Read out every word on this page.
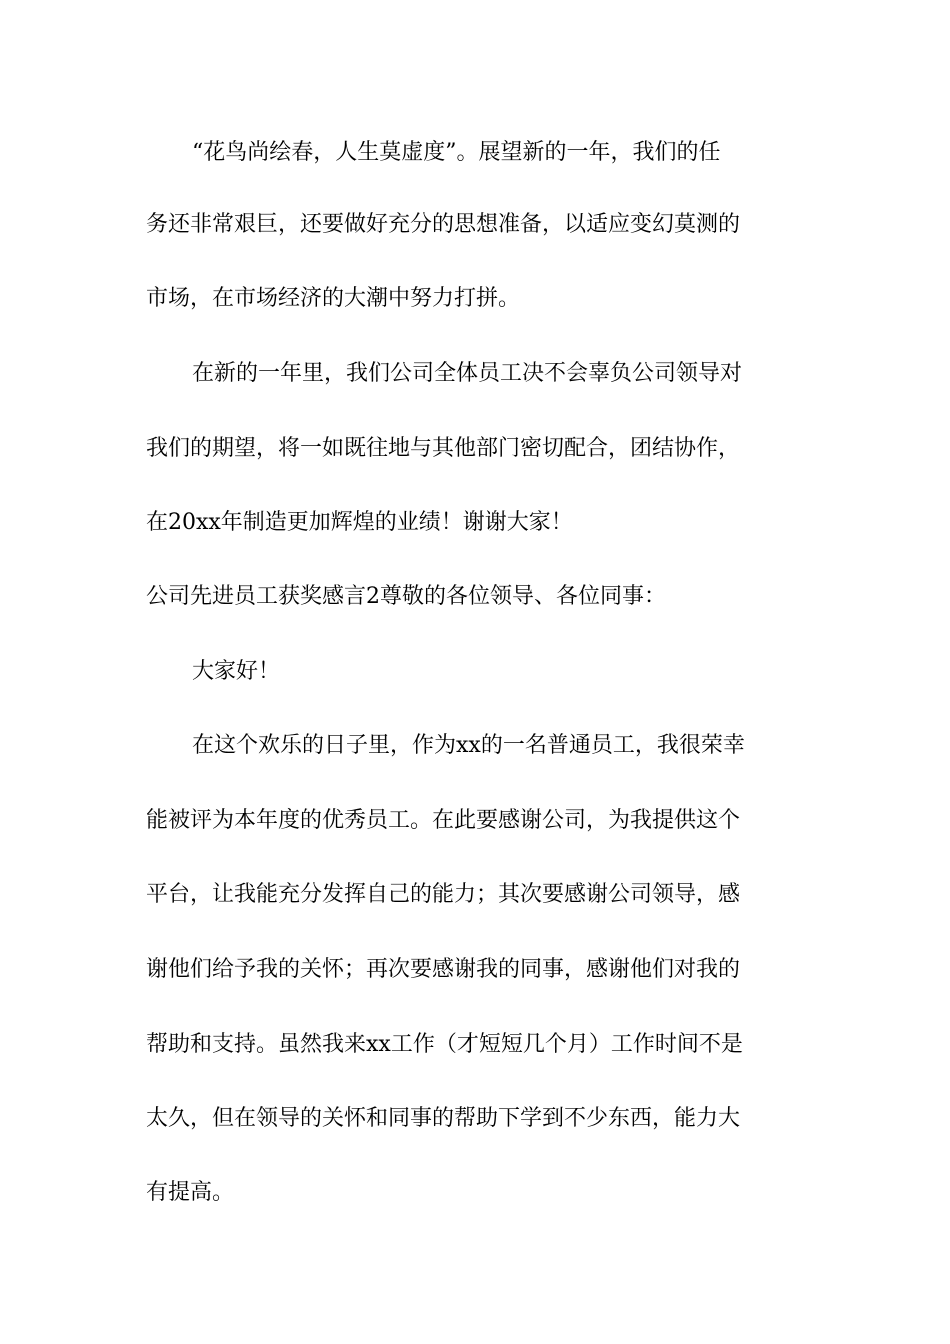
“花鸟尚绘春，人生莫虚度”。展望新的一年，我们的任
务还非常艰巨，还要做好充分的思想准备，以适应变幻莫测的
市场，在市场经济的大潮中努力打拼。
在新的一年里，我们公司全体员工决不会辜负公司领导对
我们的期望，将一如既往地与其他部门密切配合，团结协作，
在20xx年制造更加辉煌的业绩！谢谢大家！
公司先进员工获奖感言2尊敬的各位领导、各位同事：
大家好！
在这个欢乐的日子里，作为xx的一名普通员工，我很荣幸
能被评为本年度的优秀员工。在此要感谢公司，为我提供这个
平台，让我能充分发挥自己的能力；其次要感谢公司领导，感
谢他们给予我的关怀；再次要感谢我的同事，感谢他们对我的
帮助和支持。虽然我来xx工作（才短短几个月）工作时间不是
太久，但在领导的关怀和同事的帮助下学到不少东西，能力大
有提高。
